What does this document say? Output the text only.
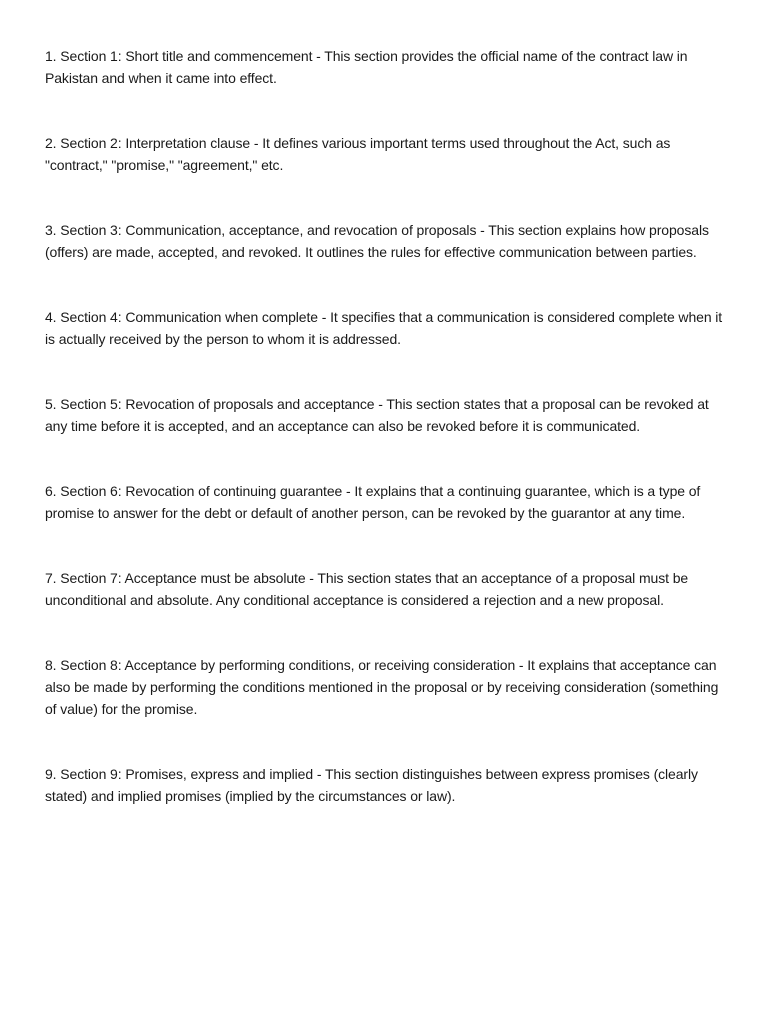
1. Section 1: Short title and commencement - This section provides the official name of the contract law in Pakistan and when it came into effect.

2. Section 2: Interpretation clause - It defines various important terms used throughout the Act, such as "contract," "promise," "agreement," etc.

3. Section 3: Communication, acceptance, and revocation of proposals - This section explains how proposals (offers) are made, accepted, and revoked. It outlines the rules for effective communication between parties.

4. Section 4: Communication when complete - It specifies that a communication is considered complete when it is actually received by the person to whom it is addressed.

5. Section 5: Revocation of proposals and acceptance - This section states that a proposal can be revoked at any time before it is accepted, and an acceptance can also be revoked before it is communicated.

6. Section 6: Revocation of continuing guarantee - It explains that a continuing guarantee, which is a type of promise to answer for the debt or default of another person, can be revoked by the guarantor at any time.

7. Section 7: Acceptance must be absolute - This section states that an acceptance of a proposal must be unconditional and absolute. Any conditional acceptance is considered a rejection and a new proposal.

8. Section 8: Acceptance by performing conditions, or receiving consideration - It explains that acceptance can also be made by performing the conditions mentioned in the proposal or by receiving consideration (something of value) for the promise.

9. Section 9: Promises, express and implied - This section distinguishes between express promises (clearly stated) and implied promises (implied by the circumstances or law).
